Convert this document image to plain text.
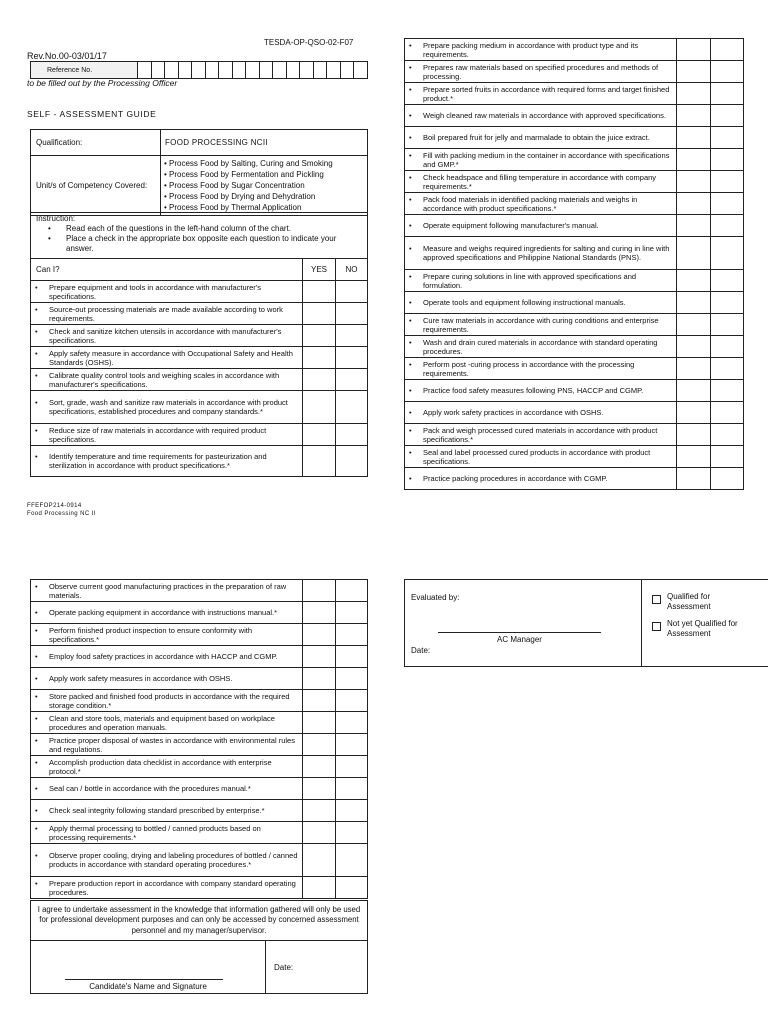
TESDA-OP-QSO-02-F07
Rev.No.00-03/01/17
Reference No.																	
to be filled out by the Processing Officer
SELF - ASSESSMENT GUIDE
Qualification:	FOOD PROCESSING NCII
Unit/s of Competency Covered:	• Process Food by Salting, Curing and Smoking
• Process Food by Fermentation and Pickling
• Process Food by Sugar Concentration
• Process Food by Drying and Dehydration
• Process Food by Thermal Application
Instruction:
•	Read each of the questions in the left-hand column of the chart.
•	Place a check in the appropriate box opposite each question to indicate your answer.
Can I?	YES	NO

• Prepare equipment and tools in accordance with manufacturer's specifications.		

• Source-out processing materials are made available according to work requirements.		

• Check and sanitize kitchen utensils in accordance with manufacturer's specifications.		

• Apply safety measure in accordance with Occupational Safety and Health Standards (OSHS).		

• Calibrate quality control tools and weighing scales in accordance with manufacturer's specifications.		

• Sort, grade, wash and sanitize raw materials in accordance with product specifications, established procedures and company standards.*		

• Reduce size of raw materials in accordance with required product specifications.		

• Identify temperature and time requirements for pasteurization and sterilization in accordance with product specifications.*		

FFEFOP214-0914
Food Processing NC II
• Prepare packing medium in accordance with product type and its requirements.		

• Prepares raw materials based on specified procedures and methods of processing.		

• Prepare sorted fruits in accordance with required forms and target finished product.*		

• Weigh cleaned raw materials in accordance with approved specifications.		

• Boil prepared fruit for jelly and marmalade to obtain the juice extract.		

• Fill with packing medium in the container in accordance with specifications and GMP.*		

• Check headspace and filling temperature in accordance with company requirements.*		

• Pack food materials in identified packing materials and weighs in accordance with product specifications.*		

• Operate equipment following manufacturer's manual.		

• Measure and weighs required ingredients for salting and curing in line with approved specifications and Philippine National Standards (PNS).		

• Prepare curing solutions in line with approved specifications and formulation.		

• Operate tools and equipment following instructional manuals.		

• Cure raw materials in accordance with curing conditions and enterprise requirements.		

• Wash and drain cured materials in accordance with standard operating procedures.		

• Perform post -curing process in accordance with the processing requirements.		

• Practice food safety measures following PNS, HACCP and CGMP.		

• Apply work safety practices in accordance with OSHS.		

• Pack and weigh processed cured materials in accordance with product specifications.*		

• Seal and label processed cured products in accordance with product specifications.		

• Practice packing procedures in accordance with CGMP.		

• Observe current good manufacturing practices in the preparation of raw materials.		

• Operate packing equipment in accordance with instructions manual.*		

• Perform finished product inspection to ensure conformity with specifications.*		

• Employ food safety practices in accordance with HACCP and CGMP.		

• Apply work safety measures in accordance with OSHS.		

• Store packed and finished food products in accordance with the required storage condition.*		

• Clean and store tools, materials and equipment based on workplace procedures and operation manuals.		

• Practice proper disposal of wastes in accordance with environmental rules and regulations.		

• Accomplish production data checklist in accordance with enterprise protocol.*		

• Seal can / bottle in accordance with the procedures manual.*		

• Check seal integrity following standard prescribed by enterprise.*		

• Apply thermal processing to bottled / canned products based on processing requirements.*		

• Observe proper cooling, drying and labeling procedures of bottled / canned products in accordance with standard operating procedures.*		

• Prepare production report in accordance with company standard operating procedures.		

I agree to undertake assessment in the knowledge that information gathered will only be used for professional development purposes and can only be accessed by concerned assessment personnel and my manager/supervisor.

Candidate's Name and Signature
	Date:
Evaluated by:
AC Manager
Date:

Qualified for Assessment
Not yet Qualified for Assessment
